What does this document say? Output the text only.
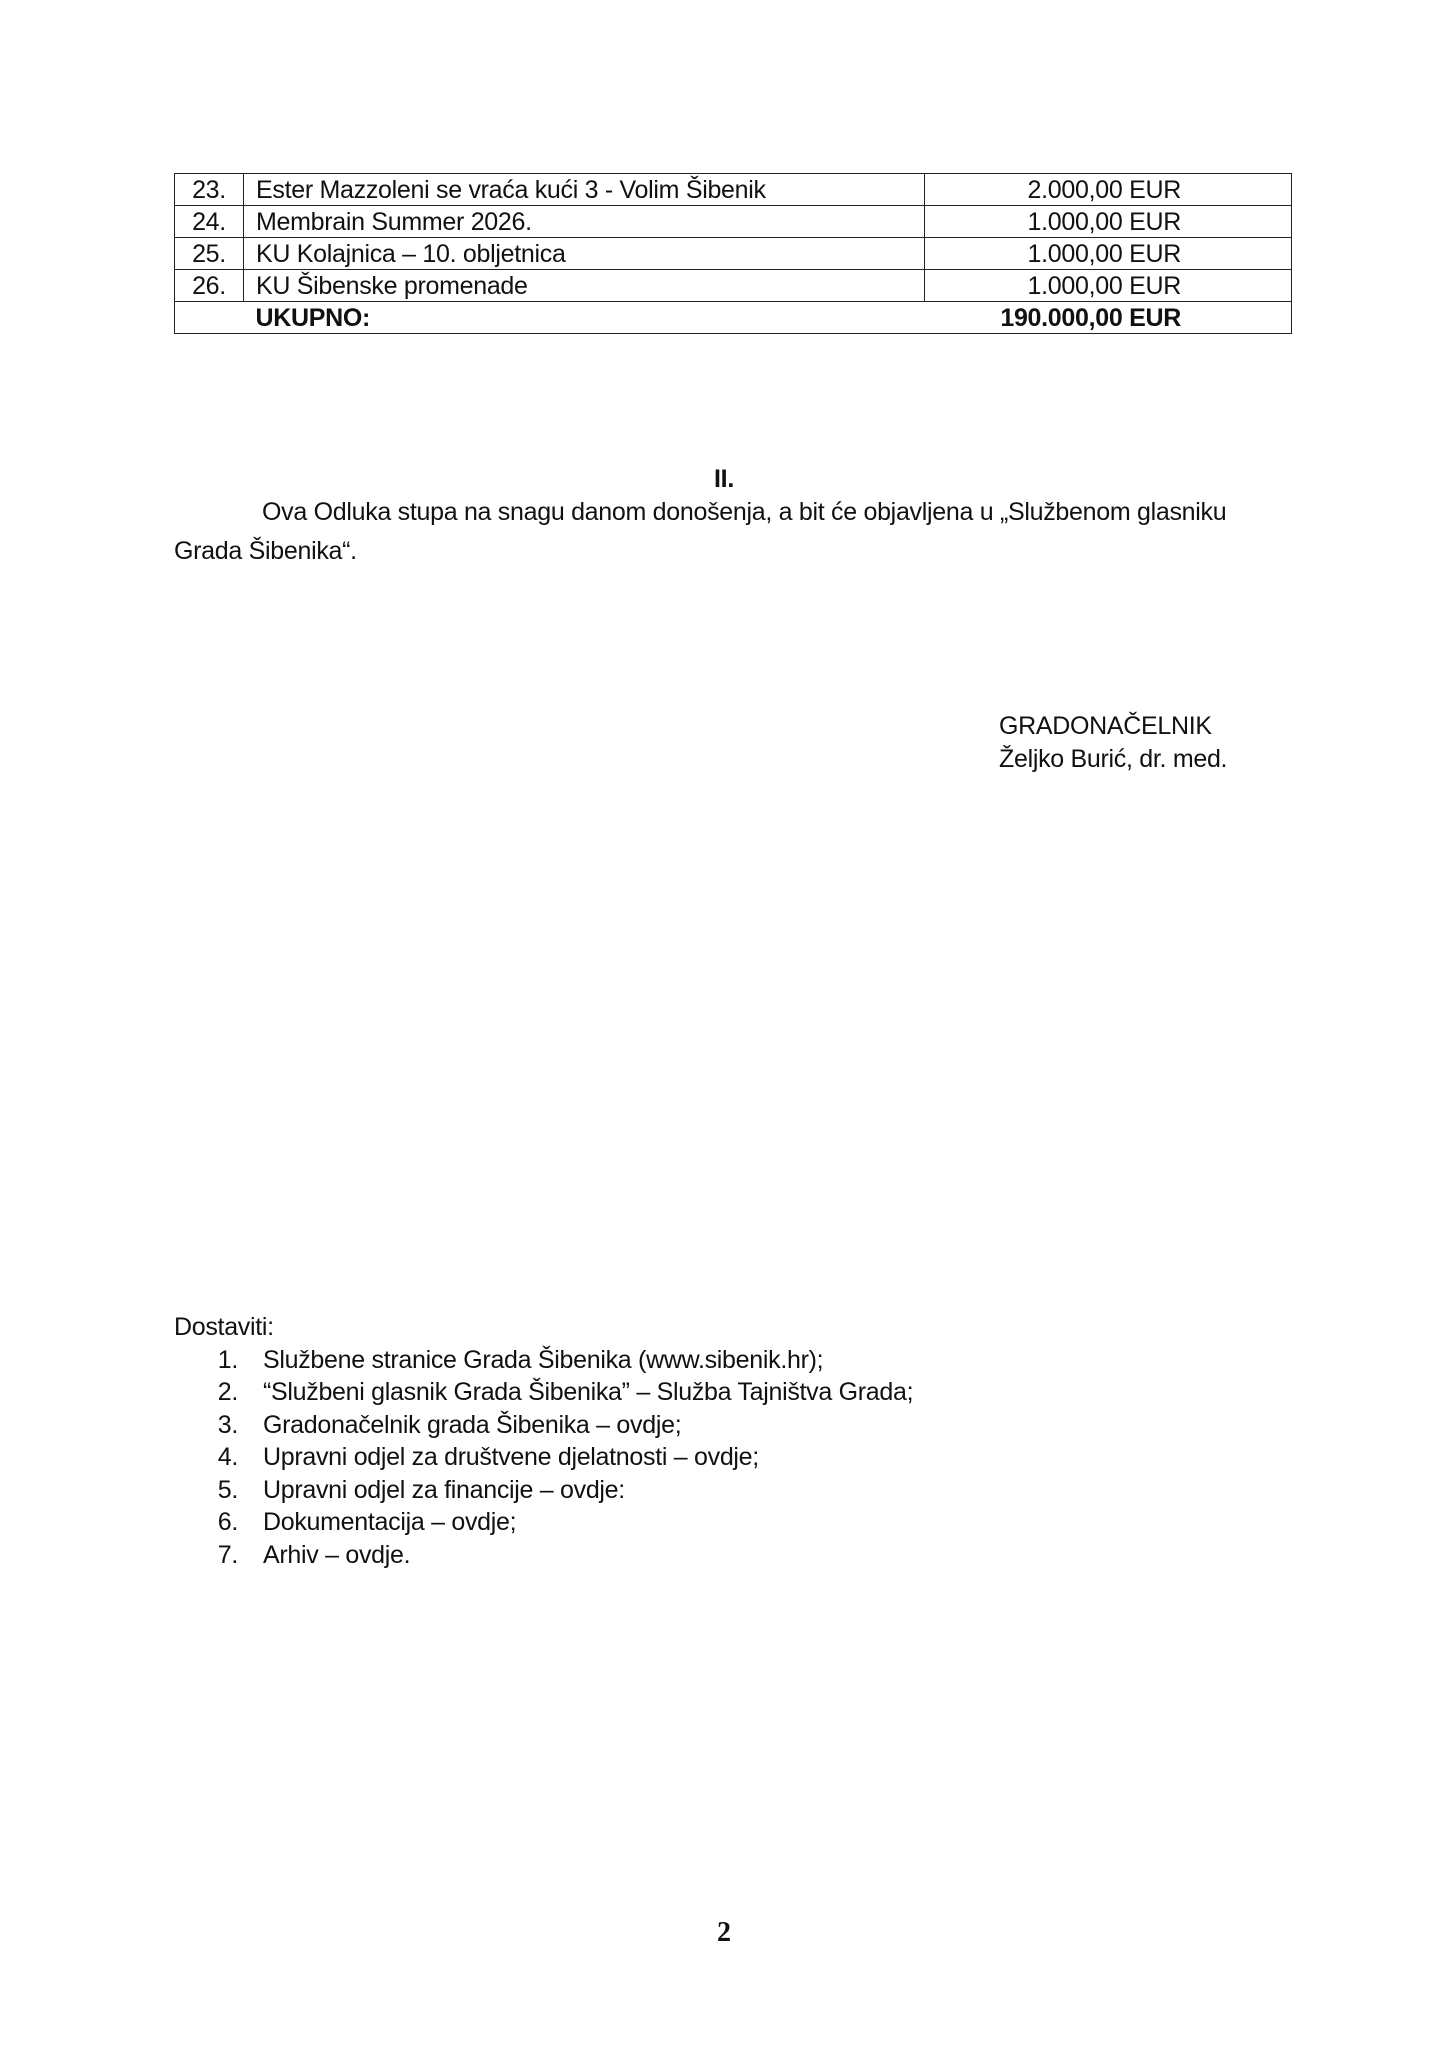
23.	Ester Mazzoleni se vraća kući 3 - Volim Šibenik	2.000,00 EUR
24.	Membrain Summer 2026.	1.000,00 EUR
25.	KU Kolajnica – 10. obljetnica	1.000,00 EUR
26.	KU Šibenske promenade	1.000,00 EUR
	UKUPNO:	190.000,00 EUR
II.
Ova Odluka stupa na snagu danom donošenja, a bit će objavljena u „Službenom glasniku Grada Šibenika“.
GRADONAČELNIK
Željko Burić, dr. med.
Dostaviti:
1.	Službene stranice Grada Šibenika (www.sibenik.hr);
2.	“Službeni glasnik Grada Šibenika” – Služba Tajništva Grada;
3.	Gradonačelnik grada Šibenika – ovdje;
4.	Upravni odjel za društvene djelatnosti – ovdje;
5.	Upravni odjel za financije – ovdje:
6.	Dokumentacija – ovdje;
7.	Arhiv – ovdje.
2
